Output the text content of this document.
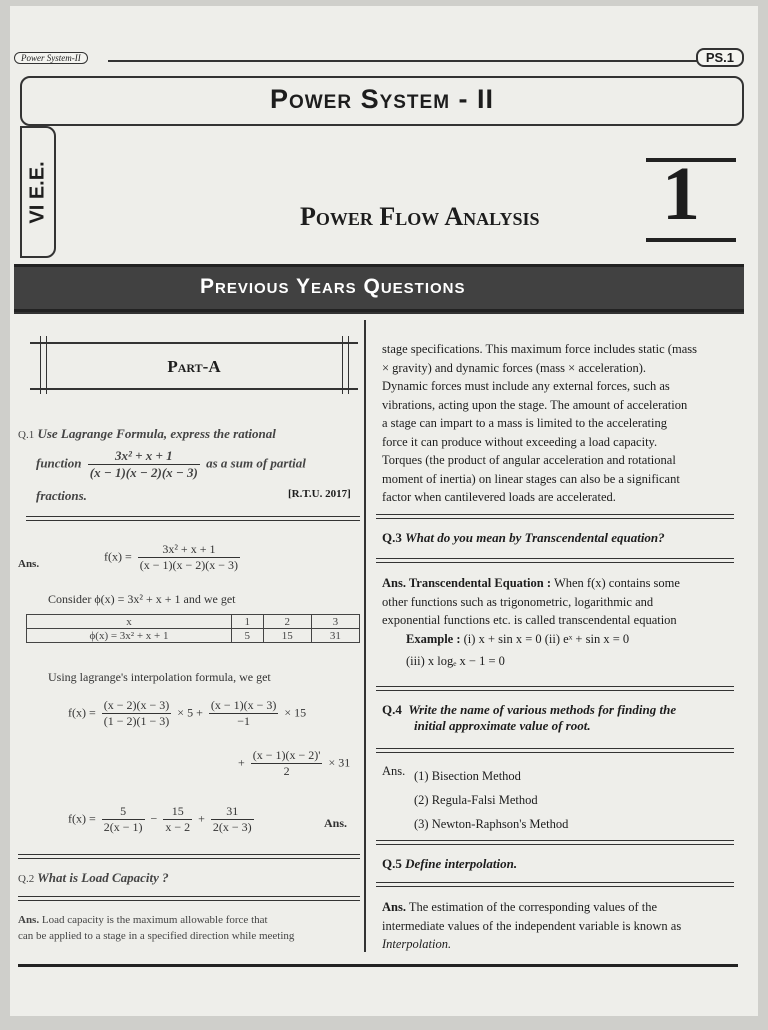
Power System-II	PS.1
Power System - II
VI E.E.	1
Power Flow Analysis
Previous Years Questions
Part-A
Q.1 Use Lagrange Formula, express the rational
function $\frac{\text{3x² + x + 1}}{(x - 1)(x - 2)(x - 3)}$ as a sum of partial
fractions.	[R.T.U. 2017]
Ans.
$f(x) = \frac{\text{3x² + x + 1}}{(x - 1)(x - 2)(x - 3)}$
Consider ϕ(x) = 3x² + x + 1 and we get
x	1	2	3
ϕ(x) = 3x² + x + 1	5	15	31
Using lagrange's interpolation formula, we get
$f(x) = \frac{(x - 2)(x - 3)}{(1 - 2)(1 - 3)} \times 5 + \frac{(x - 1)(x - 3)}{-1} \times 15$
+ $\frac{(x - 1)(x - 2)'}{2} \times 31$
$f(x) = \frac{5}{2(x - 1)} - \frac{15}{x - 2} + \frac{31}{2(x - 3)}$	Ans.
Q.2 What is Load Capacity ?
Ans. Load capacity is the maximum allowable force that
can be applied to a stage in a specified direction while meeting
stage specifications. This maximum force includes static (mass
× gravity) and dynamic forces (mass × acceleration).
Dynamic forces must include any external forces, such as
vibrations, acting upon the stage. The amount of acceleration
a stage can impart to a mass is limited to the accelerating
force it can produce without exceeding a load capacity.
Torques (the product of angular acceleration and rotational
moment of inertia) on linear stages can also be a significant
factor when cantilevered loads are accelerated.
Q.3 What do you mean by Transcendental equation?
Ans. Transcendental Equation : When f(x) contains some
other functions such as trigonometric, logarithmic and
exponential functions etc. is called transcendental equation
Example : (i) x + sin x = 0 (ii) eˣ + sin x = 0
(iii) x logₑ x − 1 = 0
Q.4 Write the name of various methods for finding the
initial approximate value of root.
Ans. (1) Bisection Method
(2) Regula-Falsi Method
(3) Newton-Raphson's Method
Q.5 Define interpolation.
Ans. The estimation of the corresponding values of the
intermediate values of the independent variable is known as
Interpolation.
